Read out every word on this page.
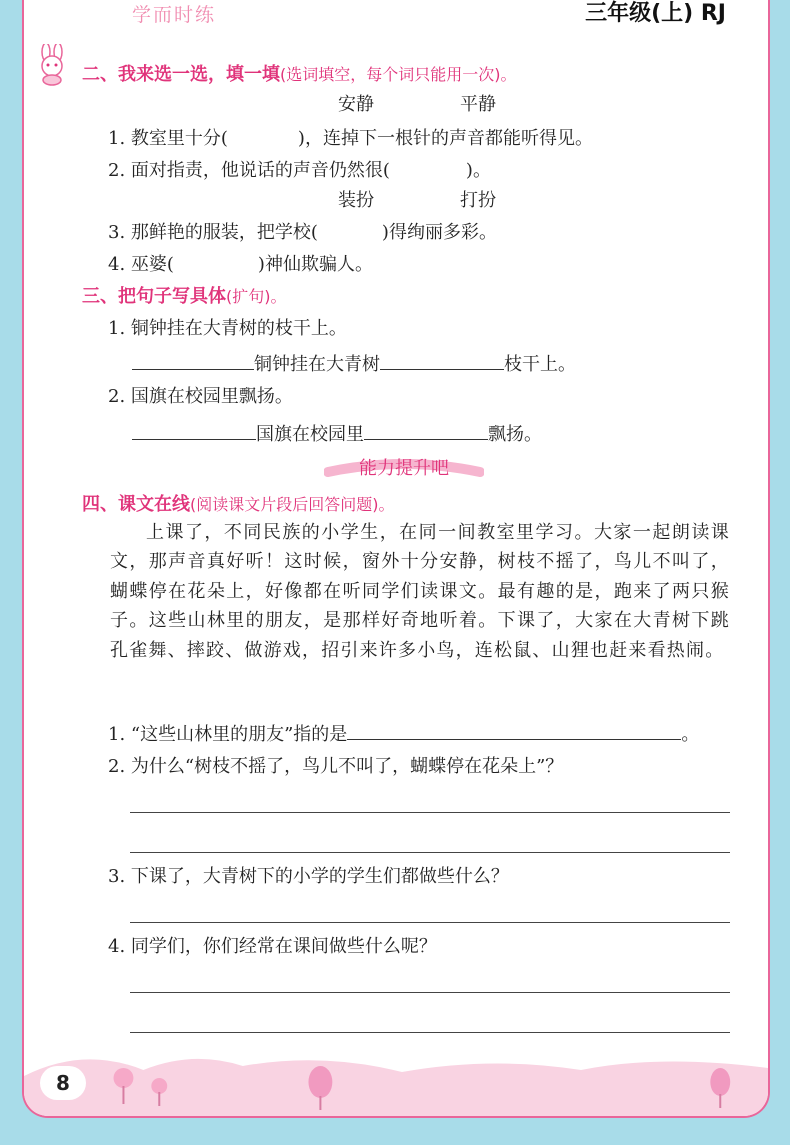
学而时练	三年级(上) RJ
二、我来选一选，填一填(选词填空，每个词只能用一次)。
安静	平静
1. 教室里十分(	)，连掉下一根针的声音都能听得见。
2. 面对指责，他说话的声音仍然很(	)。
装扮	打扮
3. 那鲜艳的服装，把学校(	)得绚丽多彩。
4. 巫婆(	)神仙欺骗人。
三、把句子写具体(扩句)。
1. 铜钟挂在大青树的枝干上。
铜钟挂在大青树	枝干上。
2. 国旗在校园里飘扬。
国旗在校园里	飘扬。
能力提升吧
四、课文在线(阅读课文片段后回答问题)。
上课了，不同民族的小学生，在同一间教室里学习。大家一起朗读课文，那声音真好听！这时候，窗外十分安静，树枝不摇了，鸟儿不叫了，蝴蝶停在花朵上，好像都在听同学们读课文。最有趣的是，跑来了两只猴子。这些山林里的朋友，是那样好奇地听着。下课了，大家在大青树下跳孔雀舞、摔跤、做游戏，招引来许多小鸟，连松鼠、山狸也赶来看热闹。
1. “这些山林里的朋友”指的是	。
2. 为什么“树枝不摇了，鸟儿不叫了，蝴蝶停在花朵上”？
3. 下课了，大青树下的小学的学生们都做些什么？
4. 同学们，你们经常在课间做些什么呢？
8
